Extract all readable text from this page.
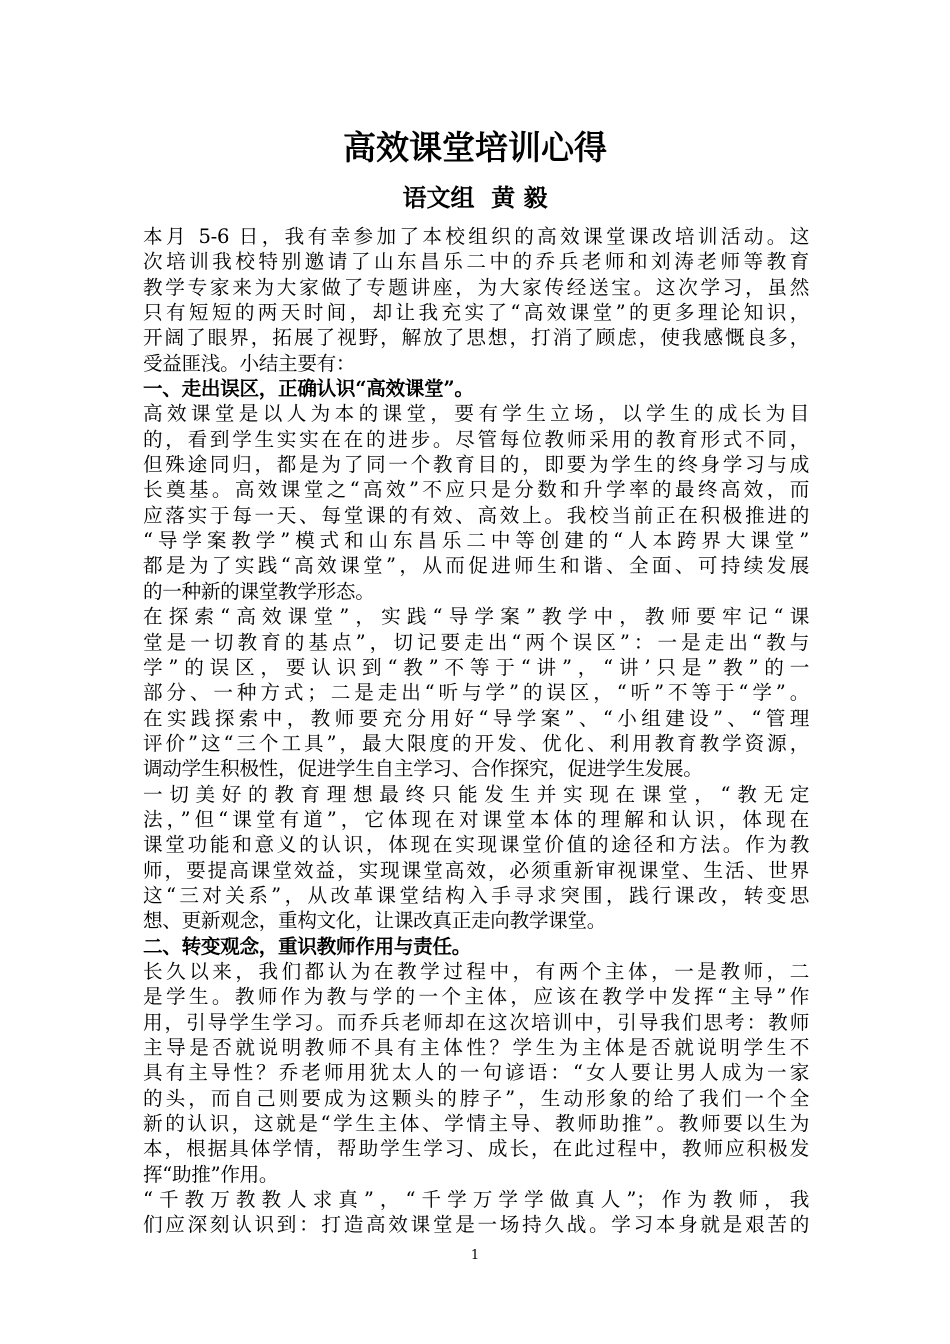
高效课堂培训心得
语文组  黄 毅
本月 5-6 日，我有幸参加了本校组织的高效课堂课改培训活动。这
次培训我校特别邀请了山东昌乐二中的乔兵老师和刘涛老师等教育
教学专家来为大家做了专题讲座，为大家传经送宝。这次学习，虽然
只有短短的两天时间，却让我充实了“高效课堂”的更多理论知识，
开阔了眼界，拓展了视野，解放了思想，打消了顾虑，使我感慨良多，
受益匪浅。小结主要有：
一、走出误区，正确认识“高效课堂”。
高效课堂是以人为本的课堂，要有学生立场，以学生的成长为目
的，看到学生实实在在的进步。尽管每位教师采用的教育形式不同，
但殊途同归，都是为了同一个教育目的，即要为学生的终身学习与成
长奠基。高效课堂之“高效”不应只是分数和升学率的最终高效，而
应落实于每一天、每堂课的有效、高效上。我校当前正在积极推进的
“导学案教学”模式和山东昌乐二中等创建的“人本跨界大课堂”
都是为了实践“高效课堂”，从而促进师生和谐、全面、可持续发展
的一种新的课堂教学形态。
在探索“高效课堂”，实践“导学案”教学中，教师要牢记“课
堂是一切教育的基点”，切记要走出“两个误区”：一是走出“教与
学”的误区，要认识到“教”不等于“讲”，“讲’只是”教”的一
部分、一种方式；二是走出“听与学”的误区，“听”不等于“学”。
在实践探索中，教师要充分用好“导学案”、“小组建设”、“管理
评价”这“三个工具”，最大限度的开发、优化、利用教育教学资源，
调动学生积极性，促进学生自主学习、合作探究，促进学生发展。
一切美好的教育理想最终只能发生并实现在课堂，“教无定
法，”但“课堂有道”，它体现在对课堂本体的理解和认识，体现在
课堂功能和意义的认识，体现在实现课堂价值的途径和方法。作为教
师，要提高课堂效益，实现课堂高效，必须重新审视课堂、生活、世界
这“三对关系”，从改革课堂结构入手寻求突围，践行课改，转变思
想、更新观念，重构文化，让课改真正走向教学课堂。
二、转变观念，重识教师作用与责任。
长久以来，我们都认为在教学过程中，有两个主体，一是教师，二
是学生。教师作为教与学的一个主体，应该在教学中发挥“主导”作
用，引导学生学习。而乔兵老师却在这次培训中，引导我们思考：教师
主导是否就说明教师不具有主体性？学生为主体是否就说明学生不
具有主导性？乔老师用犹太人的一句谚语：“女人要让男人成为一家
的头，而自己则要成为这颗头的脖子”，生动形象的给了我们一个全
新的认识，这就是“学生主体、学情主导、教师助推”。教师要以生为
本，根据具体学情，帮助学生学习、成长，在此过程中，教师应积极发
挥“助推”作用。
“千教万教教人求真”，“千学万学学做真人”；作为教师，我
们应深刻认识到：打造高效课堂是一场持久战。学习本身就是艰苦的
1
